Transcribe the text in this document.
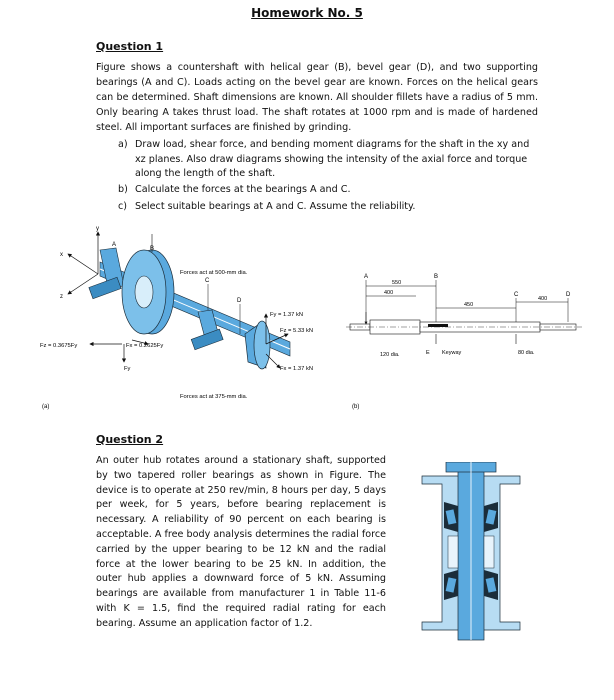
Homework No. 5
Question 1
Figure shows a countershaft with helical gear (B), bevel gear (D), and two supporting bearings (A and C). Loads acting on the bevel gear are known. Forces on the helical gears can be determined. Shaft dimensions are known. All shoulder fillets have a radius of 5 mm. Only bearing A takes thrust load. The shaft rotates at 1000 rpm and is made of hardened steel. All important surfaces are finished by grinding.
a) Draw load, shear force, and bending moment diagrams for the shaft in the xy and xz planes. Also draw diagrams showing the intensity of the axial force and torque along the length of the shaft.
b) Calculate the forces at the bearings A and C.
c) Select suitable bearings at A and C. Assume the reliability.
y
x
z
A
B
C
D
Fy = 1.37 kN
Fz = 5.33 kN
Fx = 1.37 kN
Fz = 0.3675Fy
Fy
Fx = 0.2625Fy
Forces act at 500-mm dia.
Forces act at 375-mm dia.
(a)
A	B
C	D
550
400
450
400
120 dia.	E Keyway	80 dia.
(b)
Question 2
An outer hub rotates around a stationary shaft, supported by two tapered roller bearings as shown in Figure. The device is to operate at 250 rev/min, 8 hours per day, 5 days per week, for 5 years, before bearing replacement is necessary. A reliability of 90 percent on each bearing is acceptable. A free body analysis determines the radial force carried by the upper bearing to be 12 kN and the radial force at the lower bearing to be 25 kN. In addition, the outer hub applies a downward force of 5 kN. Assuming bearings are available from manufacturer 1 in Table 11-6 with K = 1.5, find the required radial rating for each bearing. Assume an application factor of 1.2.
